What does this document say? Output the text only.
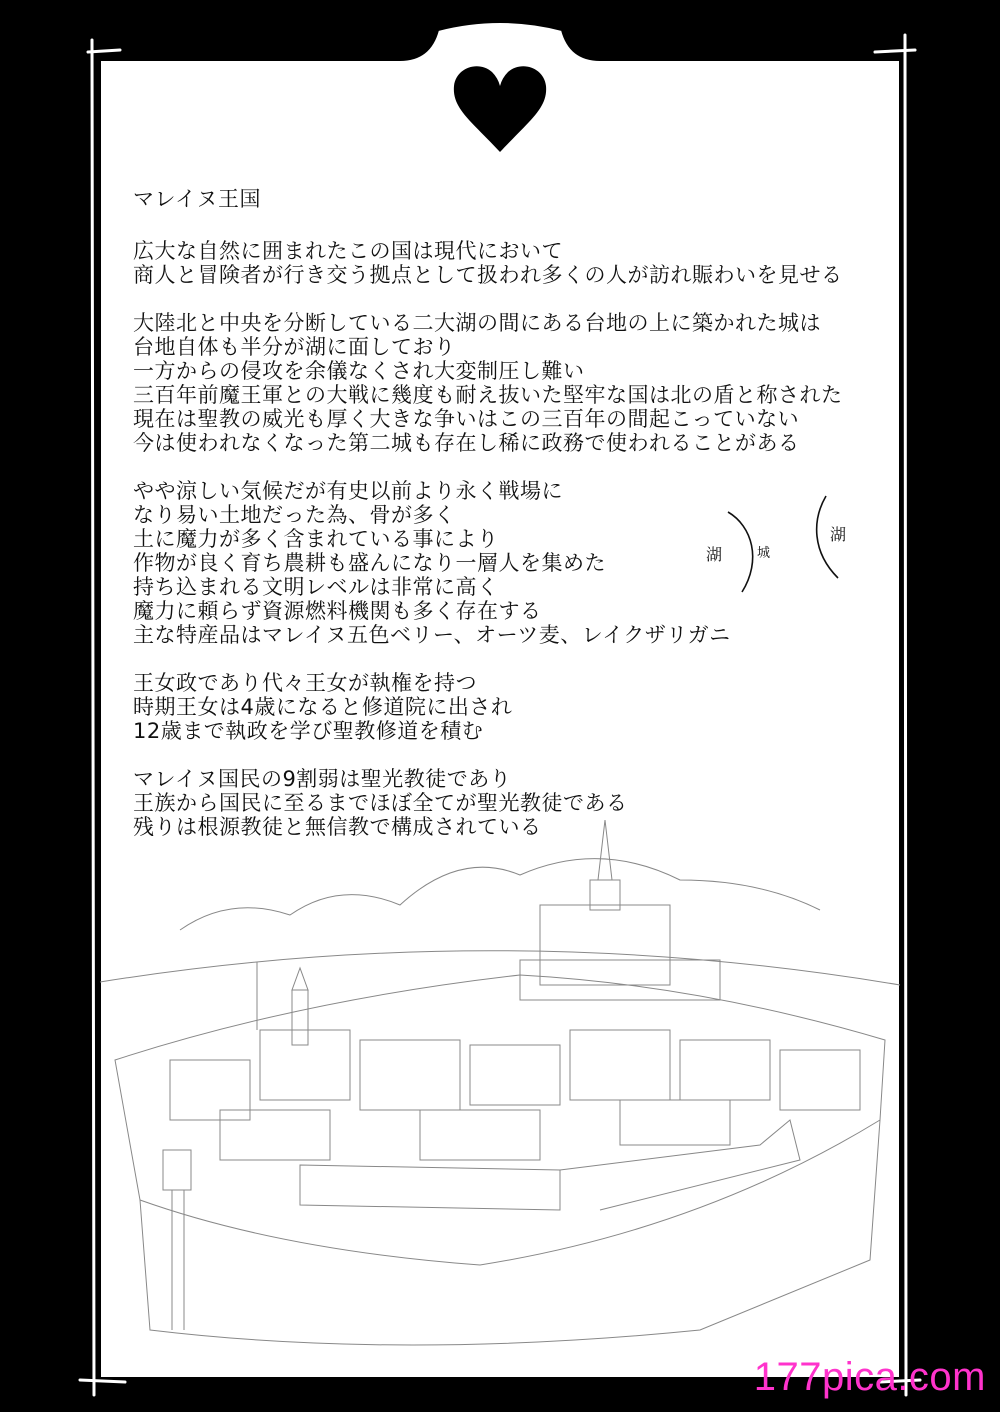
マレイヌ王国
広大な自然に囲まれたこの国は現代において
商人と冒険者が行き交う拠点として扱われ多くの人が訪れ賑わいを見せる
大陸北と中央を分断している二大湖の間にある台地の上に築かれた城は
台地自体も半分が湖に面しており
一方からの侵攻を余儀なくされ大変制圧し難い
三百年前魔王軍との大戦に幾度も耐え抜いた堅牢な国は北の盾と称された
現在は聖教の威光も厚く大きな争いはこの三百年の間起こっていない
今は使われなくなった第二城も存在し稀に政務で使われることがある
やや涼しい気候だが有史以前より永く戦場に
なり易い土地だった為、骨が多く
土に魔力が多く含まれている事により
作物が良く育ち農耕も盛んになり一層人を集めた
持ち込まれる文明レベルは非常に高く
魔力に頼らず資源燃料機関も多く存在する
主な特産品はマレイヌ五色ベリー、オーツ麦、レイクザリガニ
王女政であり代々王女が執権を持つ
時期王女は4歳になると修道院に出され
12歳まで執政を学び聖教修道を積む
マレイヌ国民の9割弱は聖光教徒であり
王族から国民に至るまでほぼ全てが聖光教徒である
残りは根源教徒と無信教で構成されている
湖	城
湖
177pica.com
